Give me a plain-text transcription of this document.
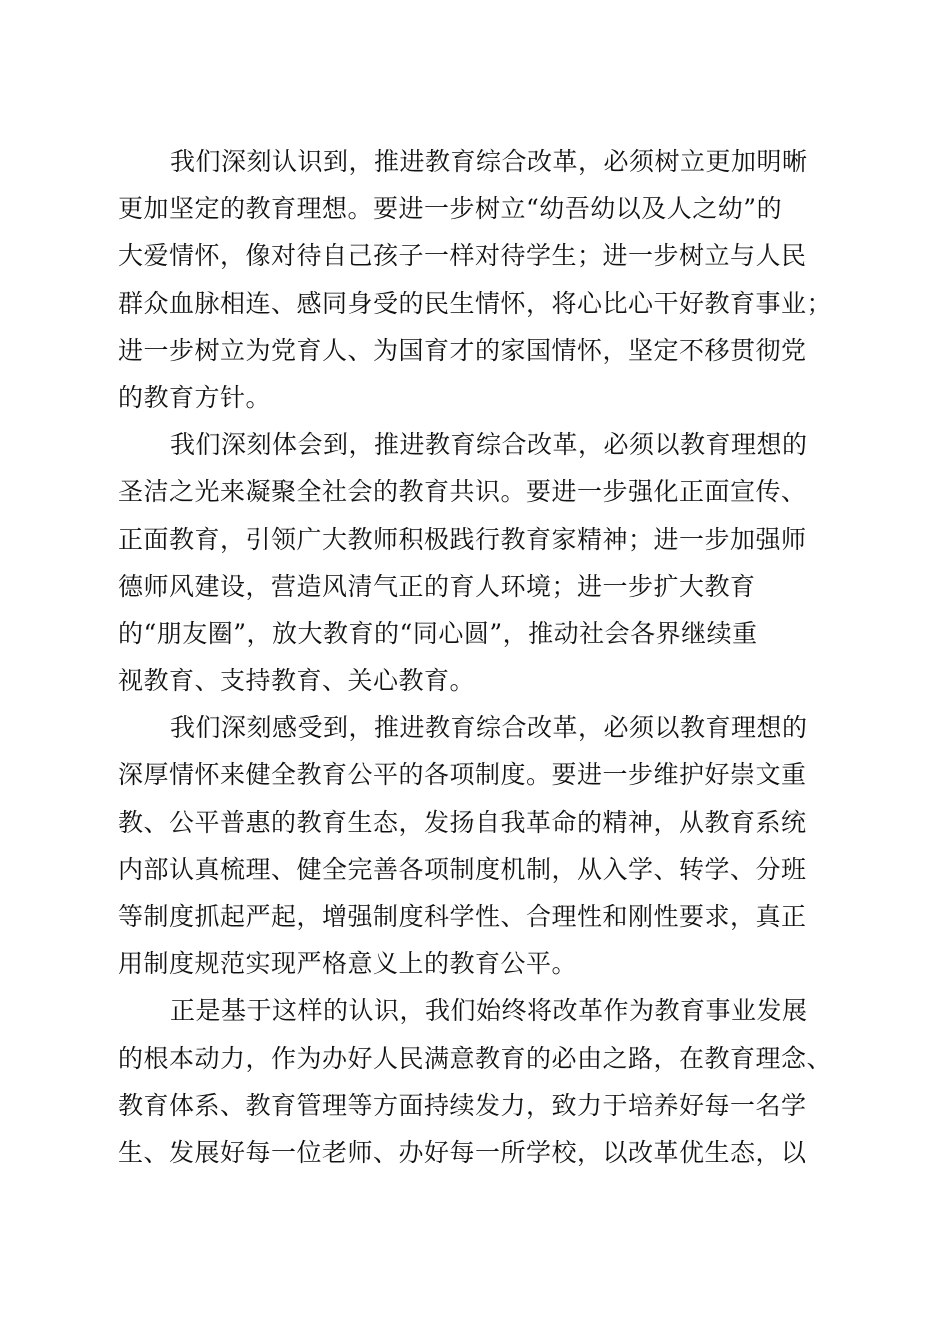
我们深刻认识到，推进教育综合改革，必须树立更加明晰
更加坚定的教育理想。要进一步树立“幼吾幼以及人之幼”的
大爱情怀，像对待自己孩子一样对待学生；进一步树立与人民
群众血脉相连、感同身受的民生情怀，将心比心干好教育事业；
进一步树立为党育人、为国育才的家国情怀，坚定不移贯彻党
的教育方针。
我们深刻体会到，推进教育综合改革，必须以教育理想的
圣洁之光来凝聚全社会的教育共识。要进一步强化正面宣传、
正面教育，引领广大教师积极践行教育家精神；进一步加强师
德师风建设，营造风清气正的育人环境；进一步扩大教育
的“朋友圈”，放大教育的“同心圆”，推动社会各界继续重
视教育、支持教育、关心教育。
我们深刻感受到，推进教育综合改革，必须以教育理想的
深厚情怀来健全教育公平的各项制度。要进一步维护好崇文重
教、公平普惠的教育生态，发扬自我革命的精神，从教育系统
内部认真梳理、健全完善各项制度机制，从入学、转学、分班
等制度抓起严起，增强制度科学性、合理性和刚性要求，真正
用制度规范实现严格意义上的教育公平。
正是基于这样的认识，我们始终将改革作为教育事业发展
的根本动力，作为办好人民满意教育的必由之路，在教育理念、
教育体系、教育管理等方面持续发力，致力于培养好每一名学
生、发展好每一位老师、办好每一所学校，以改革优生态，以
